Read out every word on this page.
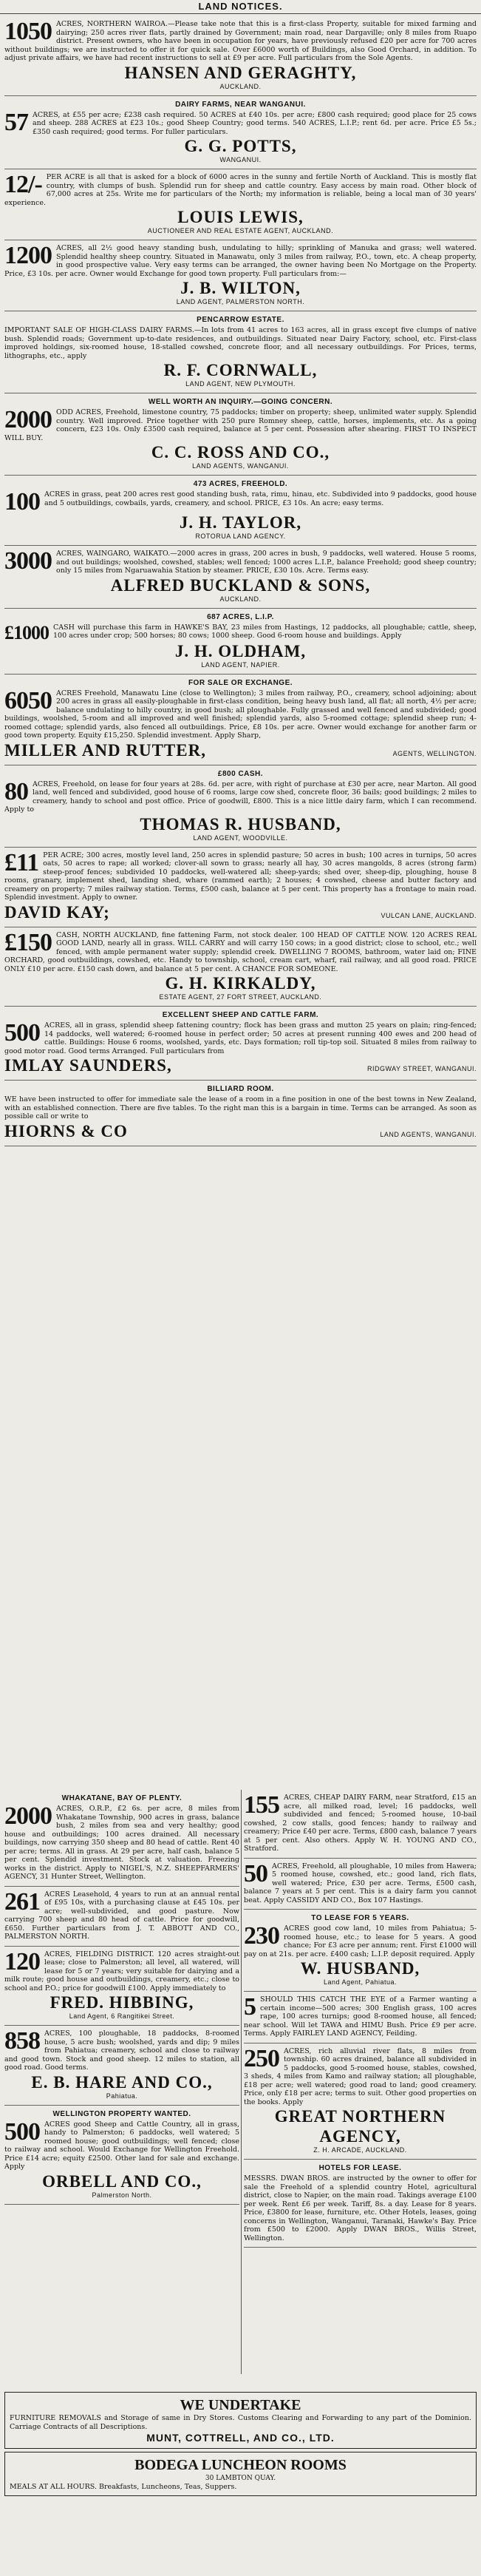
LAND NOTICES.
1050 ACRES, NORTHERN WAIROA.—Please take note that this is a first-class Property, suitable for mixed farming and dairying; 250 acres river flats, partly drained by Government; main road, near Dargaville; only 8 miles from Ruapo district. Present owners, who have been in occupation for years, have previously refused £20 per acre for 700 acres without buildings; we are instructed to offer it for quick sale. Over £6000 worth of Buildings, also Good Orchard, in addition. To adjust private affairs, we have had recent instructions to sell at £9 per acre. Full particulars from the Sole Agents.
HANSEN AND GERAGHTY,
AUCKLAND.
DAIRY FARMS, NEAR WANGANUI.
57 ACRES, at £55 per acre; £238 cash required. 50 ACRES at £40 10s. per acre; £800 cash required; good place for 25 cows and sheep. 288 ACRES at £23 10s.; good Sheep Country; good terms. 540 ACRES, L.I.P.; rent 6d. per acre. Price £5 5s.; £350 cash required; good terms. For fuller particulars.
G. G. POTTS,
WANGANUI.
12/- PER ACRE is all that is asked for a block of 6000 acres in the sunny and fertile North of Auckland. This is mostly flat country, with clumps of bush. Splendid run for sheep and cattle country. Easy access by main road. Other block of 67,000 acres at 25s. Write me for particulars of the North; my information is reliable, being a local man of 30 years' experience.
LOUIS LEWIS,
AUCTIONEER AND REAL ESTATE AGENT, AUCKLAND.
1200 ACRES, all 2½ good heavy standing bush, undulating to hilly; sprinkling of Manuka and grass; well watered. Splendid healthy sheep country. Situated in Manawatu, only 3 miles from railway, P.O., town, etc. A cheap property, in good prospective value. Very easy terms can be arranged, the owner having been No Mortgage on the Property. Price, £3 10s. per acre. Owner would Exchange for good town property. Full particulars from:—
J. B. WILTON,
LAND AGENT, PALMERSTON NORTH.
PENCARROW ESTATE.
IMPORTANT SALE OF HIGH-CLASS DAIRY FARMS.—In lots from 41 acres to 163 acres, all in grass except five clumps of native bush. Splendid roads; Government up-to-date residences, and outbuildings. Situated near Dairy Factory, school, etc. First-class improved holdings, six-roomed house, 18-stalled cowshed, concrete floor, and all necessary outbuildings. For Prices, terms, lithographs, etc., apply
R. F. CORNWALL,
LAND AGENT, NEW PLYMOUTH.
WELL WORTH AN INQUIRY.—GOING CONCERN.
2000 ODD ACRES, Freehold, limestone country, 75 paddocks; timber on property; sheep, unlimited water supply. Splendid country. Well improved. Price together with 250 pure Romney sheep, cattle, horses, implements, etc. As a going concern, £23 10s. Only £3500 cash required, balance at 5 per cent. Possession after shearing. FIRST TO INSPECT WILL BUY.
C. C. ROSS AND CO.,
LAND AGENTS, WANGANUI.
473 ACRES, FREEHOLD.
100 ACRES in grass, peat 200 acres rest good standing bush, rata, rimu, hinau, etc. Subdivided into 9 paddocks, good house and 5 outbuildings, cowbails, yards, creamery, and school. PRICE, £3 10s. An acre; easy terms.
J. H. TAYLOR,
ROTORUA LAND AGENCY.
3000 ACRES, WAINGARO, WAIKATO.—2000 acres in grass, 200 acres in bush, 9 paddocks, well watered. House 5 rooms, and out buildings; woolshed, cowshed, stables; well fenced; 1000 acres L.I.P., balance Freehold; good sheep country; only 15 miles from Ngaruawahia Station by steamer. PRICE, £30 10s. Acre. Terms easy.
ALFRED BUCKLAND & SONS,
AUCKLAND.
687 ACRES, L.I.P.
£1000 CASH will purchase this farm in HAWKE'S BAY, 23 miles from Hastings, 12 paddocks, all ploughable; cattle, sheep, 100 acres under crop; 500 horses; 80 cows; 1000 sheep. Good 6-room house and buildings. Apply
J. H. OLDHAM,
LAND AGENT, NAPIER.
FOR SALE OR EXCHANGE.
6050 ACRES Freehold, Manawatu Line (close to Wellington); 3 miles from railway, P.O., creamery, school adjoining; about 200 acres in grass all easily-ploughable in first-class condition, being heavy bush land, all flat; all north, 4½ per acre; balance undulating to hilly country, in good bush; all ploughable. Fully grassed and well fenced and subdivided; good buildings, woolshed, 5-room and all improved and well finished; splendid yards, also 5-roomed cottage; splendid sheep run; 4-roomed cottage; splendid yards, also fenced all outbuildings. Price, £8 10s. per acre. Owner would exchange for another farm or good town property. Equity £15,250. Splendid investment. Apply Sharp,
MILLER AND RUTTER,	AGENTS, WELLINGTON.
£800 CASH.
80 ACRES, Freehold, on lease for four years at 28s. 6d. per acre, with right of purchase at £30 per acre, near Marton. All good land, well fenced and subdivided, good house of 6 rooms, large cow shed, concrete floor, 36 bails; good buildings; 2 miles to creamery, handy to school and post office. Price of goodwill, £800. This is a nice little dairy farm, which I can recommend. Apply to
THOMAS R. HUSBAND,
LAND AGENT, WOODVILLE.
£11 PER ACRE; 300 acres, mostly level land, 250 acres in splendid pasture; 50 acres in bush; 100 acres in turnips, 50 acres oats, 50 acres to rape; all worked; clover-all sown to grass; nearly all hay, 30 acres mangolds, 8 acres (strong farm) steep-proof fences; subdivided 10 paddocks, well-watered all; sheep-yards; shed over, sheep-dip, ploughing, house 8 rooms, granary, implement shed, landing shed, whare (rammed earth); 2 houses; 4 cowshed, cheese and butter factory and creamery on property; 7 miles railway station. Terms, £500 cash, balance at 5 per cent. This property has a frontage to main road. Splendid investment. Apply to owner.
DAVID KAY;	VULCAN LANE, AUCKLAND.
£150 CASH, NORTH AUCKLAND, fine fattening Farm, not stock dealer. 100 HEAD OF CATTLE NOW. 120 ACRES REAL GOOD LAND, nearly all in grass. WILL CARRY and will carry 150 cows; in a good district; close to school, etc.; well fenced, with ample permanent water supply; splendid creek. DWELLING 7 ROOMS, bathroom, water laid on; FINE ORCHARD, good outbuildings, cowshed, etc. Handy to township, school, cream cart, wharf, rail railway, and all good road. PRICE ONLY £10 per acre. £150 cash down, and balance at 5 per cent. A CHANCE FOR SOMEONE.
G. H. KIRKALDY,
ESTATE AGENT, 27 FORT STREET, AUCKLAND.
EXCELLENT SHEEP AND CATTLE FARM.
500 ACRES, all in grass, splendid sheep fattening country; flock has been grass and mutton 25 years on plain; ring-fenced; 14 paddocks, well watered; 6-roomed house in perfect order; 50 acres at present running 400 ewes and 200 head of cattle. Buildings: House 6 rooms, woolshed, yards, etc. Days formation; roll tip-top soil. Situated 8 miles from railway to good motor road. Good terms Arranged. Full particulars from
IMLAY SAUNDERS,	RIDGWAY STREET, WANGANUI.
BILLIARD ROOM.
WE have been instructed to offer for immediate sale the lease of a room in a fine position in one of the best towns in New Zealand, with an established connection. There are five tables. To the right man this is a bargain in time. Terms can be arranged. As soon as possible call or write to
HIORNS & CO	LAND AGENTS, WANGANUI.
WHAKATANE, BAY OF PLENTY.
2000 ACRES, O.R.P., £2 6s. per acre, 8 miles from Whakatane Township, 900 acres in grass, balance bush, 2 miles from sea and very healthy; good house and outbuildings; 100 acres drained. All necessary buildings, now carrying 350 sheep and 80 head of cattle. Rent 40 per acre; terms. All in grass. At 29 per acre, half cash, balance 5 per cent. Splendid investment. Stock at valuation. Freezing works in the district. Apply to NIGEL'S, N.Z. SHEEPFARMERS' AGENCY, 31 Hunter Street, Wellington.
261 ACRES Leasehold, 4 years to run at an annual rental of £95 10s, with a purchasing clause at £45 10s. per acre; well-subdivided, and good pasture. Now carrying 700 sheep and 80 head of cattle. Price for goodwill, £650. Further particulars from J. T. ABBOTT AND CO., PALMERSTON NORTH.
120 ACRES, FIELDING DISTRICT. 120 acres straight-out lease; close to Palmerston; all level, all watered, will lease for 5 or 7 years; very suitable for dairying and a milk route; good house and outbuildings, creamery, etc.; close to school and P.O.; price for goodwill £100. Apply immediately to
FRED. HIBBING,
Land Agent, 6 Rangitikei Street.
858 ACRES, 100 ploughable, 18 paddocks, 8-roomed house, 5 acre bush; woolshed, yards and dip; 9 miles from Pahiatua; creamery, school and close to railway and good town. Stock and good sheep. 12 miles to station, all good road. Good terms.
E. B. HARE AND CO.,
Pahiatua.
WELLINGTON PROPERTY WANTED.
500 ACRES good Sheep and Cattle Country, all in grass, handy to Palmerston; 6 paddocks, well watered; 5 roomed house; good outbuildings; well fenced; close to railway and school. Would Exchange for Wellington Freehold. Price £14 acre; equity £2500. Other land for sale and exchange. Apply
ORBELL AND CO.,
Palmerston North.
155 ACRES, CHEAP DAIRY FARM, near Stratford, £15 an acre, all milked road, level; 16 paddocks, well subdivided and fenced; 5-roomed house, 10-bail cowshed, 2 cow stalls, good fences; handy to railway and creamery; Price £40 per acre. Terms, £800 cash, balance 7 years at 5 per cent. Also others. Apply W. H. YOUNG AND CO., Stratford.
50 ACRES, Freehold, all ploughable, 10 miles from Hawera; 5 roomed house, cowshed, etc.; good land, rich flats, well watered; Price, £30 per acre. Terms, £500 cash, balance 7 years at 5 per cent. This is a dairy farm you cannot beat. Apply CASSIDY AND CO., Box 107 Hastings.
TO LEASE FOR 5 YEARS.
230 ACRES good cow land, 10 miles from Pahiatua; 5-roomed house, etc.; to lease for 5 years. A good chance; For £3 acre per annum; rent. First £1000 will pay on at 21s. per acre. £400 cash; L.I.P. deposit required. Apply
W. HUSBAND,
Land Agent, Pahiatua.
5 SHOULD THIS CATCH THE EYE of a Farmer wanting a certain income—500 acres; 300 English grass, 100 acres rape, 100 acres turnips; good 8-roomed house, all fenced; near school. Will let TAWA and HIMU Bush. Price £9 per acre. Terms. Apply FAIRLEY LAND AGENCY, Feilding.
250 ACRES, rich alluvial river flats, 8 miles from township. 60 acres drained, balance all subdivided in 5 paddocks, good 5-roomed house, stables, cowshed, 3 sheds, 4 miles from Kamo and railway station; all ploughable, £18 per acre; well watered; good road to land; good creamery. Price, only £18 per acre; terms to suit. Other good properties on the books. Apply
GREAT NORTHERN AGENCY,
Z. H. ARCADE, AUCKLAND.
HOTELS FOR LEASE.
MESSRS. DWAN BROS. are instructed by the owner to offer for sale the Freehold of a splendid country Hotel, agricultural district, close to Napier, on the main road. Takings average £100 per week. Rent £6 per week. Tariff, 8s. a day. Lease for 8 years. Price, £3800 for lease, furniture, etc. Other Hotels, leases, going concerns in Wellington, Wanganui, Taranaki, Hawke's Bay. Price from £500 to £2000. Apply DWAN BROS., Willis Street, Wellington.
WE UNDERTAKE
FURNITURE REMOVALS and Storage of same in Dry Stores. Customs Clearing and Forwarding to any part of the Dominion. Carriage Contracts of all Descriptions.
MUNT, COTTRELL, AND CO., LTD.
BODEGA LUNCHEON ROOMS
30 LAMBTON QUAY.
MEALS AT ALL HOURS. Breakfasts, Luncheons, Teas, Suppers.
